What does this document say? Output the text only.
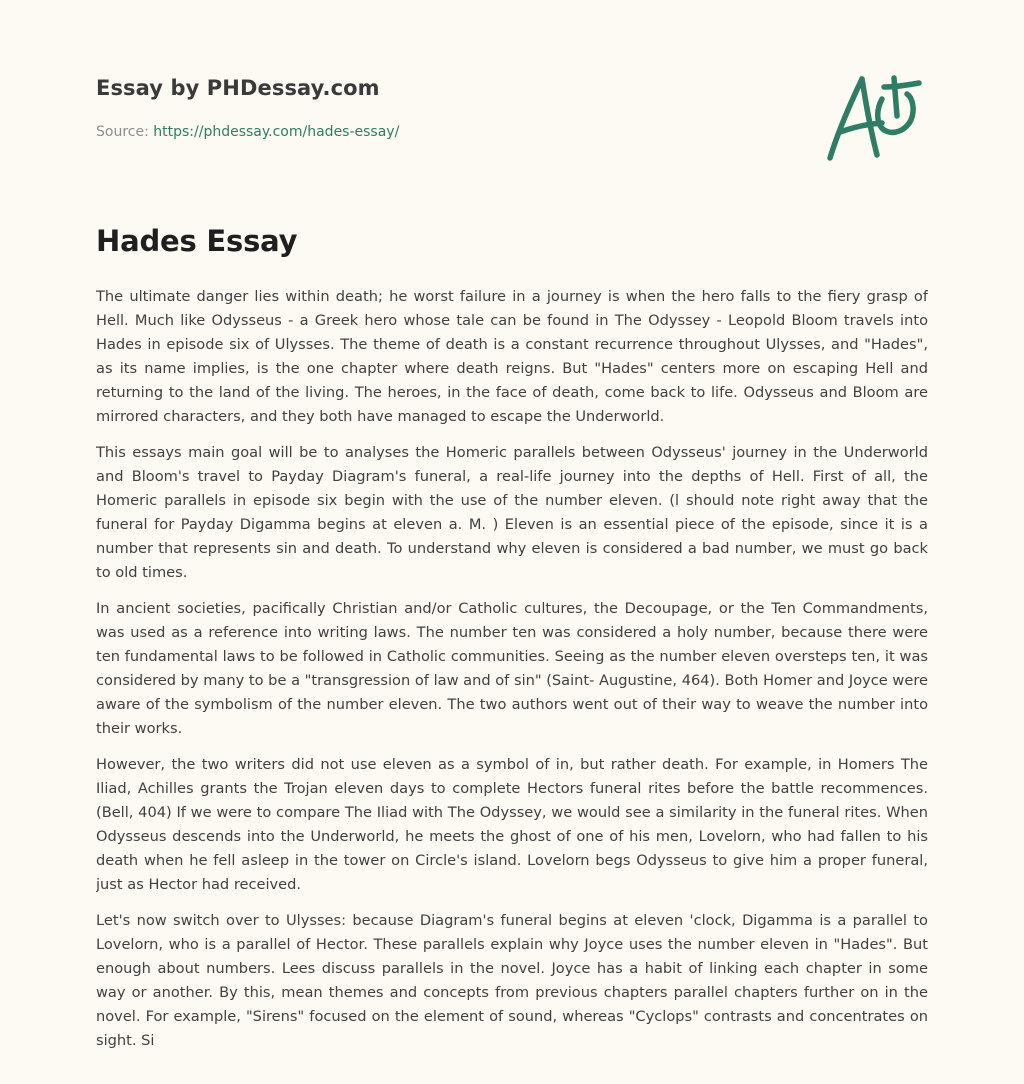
Essay by PHDessay.com

Source: https://phdessay.com/hades-essay/

Hades Essay

The ultimate danger lies within death; he worst failure in a journey is when the hero falls to the fiery grasp of Hell. Much like Odysseus - a Greek hero whose tale can be found in The Odyssey - Leopold Bloom travels into Hades in episode six of Ulysses. The theme of death is a constant recurrence throughout Ulysses, and "Hades", as its name implies, is the one chapter where death reigns. But "Hades" centers more on escaping Hell and returning to the land of the living. The heroes, in the face of death, come back to life. Odysseus and Bloom are mirrored characters, and they both have managed to escape the Underworld.

This essays main goal will be to analyses the Homeric parallels between Odysseus' journey in the Underworld and Bloom's travel to Payday Diagram's funeral, a real-life journey into the depths of Hell. First of all, the Homeric parallels in episode six begin with the use of the number eleven. (l should note right away that the funeral for Payday Digamma begins at eleven a. M. ) Eleven is an essential piece of the episode, since it is a number that represents sin and death. To understand why eleven is considered a bad number, we must go back to old times.

In ancient societies, pacifically Christian and/or Catholic cultures, the Decoupage, or the Ten Commandments, was used as a reference into writing laws. The number ten was considered a holy number, because there were ten fundamental laws to be followed in Catholic communities. Seeing as the number eleven oversteps ten, it was considered by many to be a "transgression of law and of sin" (Saint- Augustine, 464). Both Homer and Joyce were aware of the symbolism of the number eleven. The two authors went out of their way to weave the number into their works.

However, the two writers did not use eleven as a symbol of in, but rather death. For example, in Homers The Iliad, Achilles grants the Trojan eleven days to complete Hectors funeral rites before the battle recommences. (Bell, 404) If we were to compare The Iliad with The Odyssey, we would see a similarity in the funeral rites. When Odysseus descends into the Underworld, he meets the ghost of one of his men, Lovelorn, who had fallen to his death when he fell asleep in the tower on Circle's island. Lovelorn begs Odysseus to give him a proper funeral, just as Hector had received.

Let's now switch over to Ulysses: because Diagram's funeral begins at eleven 'clock, Digamma is a parallel to Lovelorn, who is a parallel of Hector. These parallels explain why Joyce uses the number eleven in "Hades". But enough about numbers. Lees discuss parallels in the novel. Joyce has a habit of linking each chapter in some way or another. By this, mean themes and concepts from previous chapters parallel chapters further on in the novel. For example, "Sirens" focused on the element of sound, whereas "Cyclops" contrasts and concentrates on sight. Si
